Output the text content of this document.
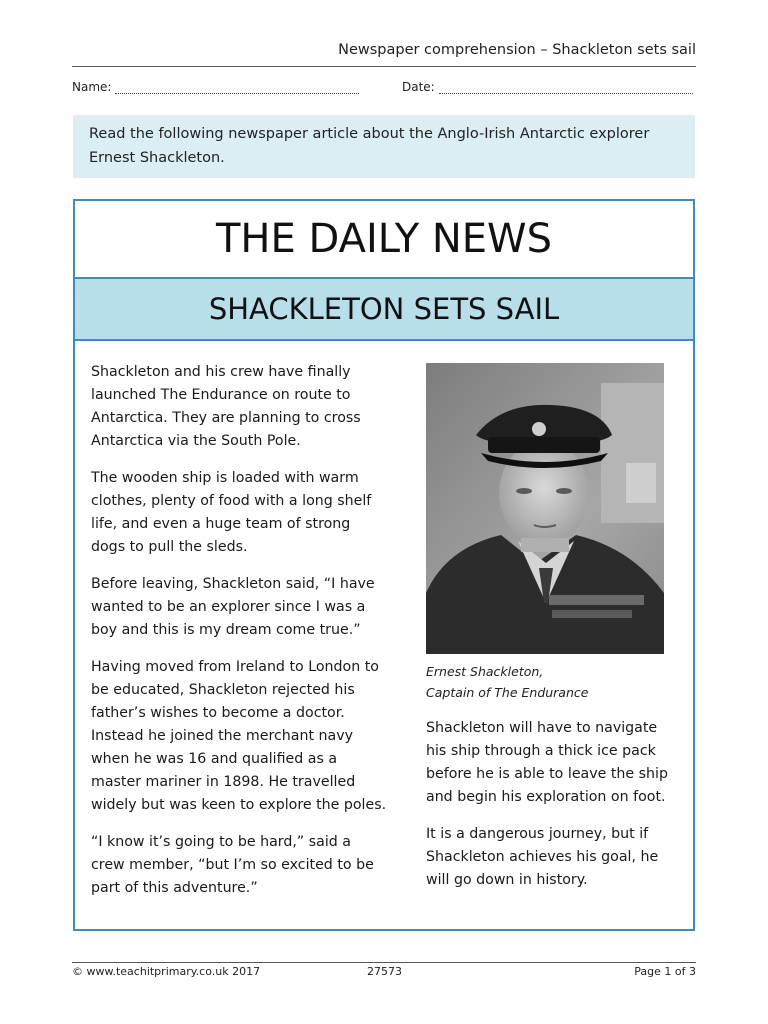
Newspaper comprehension – Shackleton sets sail
Name:	Date:
Read the following newspaper article about the Anglo-Irish Antarctic explorer Ernest Shackleton.
THE DAILY NEWS
SHACKLETON SETS SAIL

Shackleton and his crew have finally launched The Endurance on route to Antarctica. They are planning to cross Antarctica via the South Pole.

The wooden ship is loaded with warm clothes, plenty of food with a long shelf life, and even a huge team of strong dogs to pull the sleds.

Before leaving, Shackleton said, “I have wanted to be an explorer since I was a boy and this is my dream come true.”

Having moved from Ireland to London to be educated, Shackleton rejected his father’s wishes to become a doctor. Instead he joined the merchant navy when he was 16 and qualified as a master mariner in 1898. He travelled widely but was keen to explore the poles.

“I know it’s going to be hard,” said a crew member, “but I’m so excited to be part of this adventure.”

Ernest Shackleton,
Captain of The Endurance

Shackleton will have to navigate his ship through a thick ice pack before he is able to leave the ship and begin his exploration on foot.

It is a dangerous journey, but if Shackleton achieves his goal, he will go down in history.

© www.teachitprimary.co.uk 2017	27573	Page 1 of 3
